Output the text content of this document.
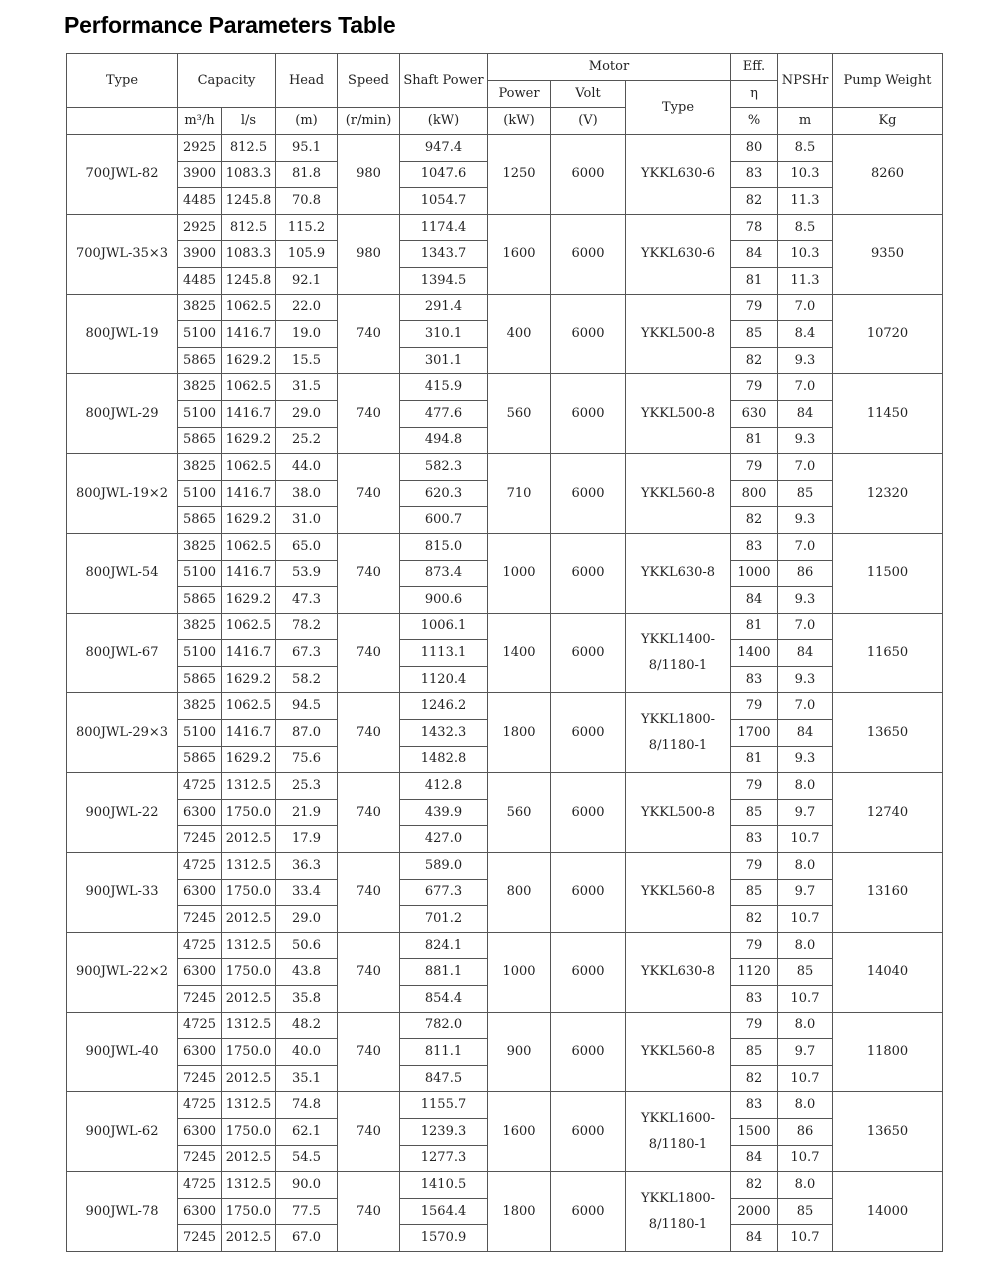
Performance Parameters Table
Type	Capacity		Head	Speed	Shaft Power	Motor			Eff.	NPSHr	Pump Weight
						Power	Volt	Type	η		
	m³/h	l/s	(m)	(r/min)	(kW)	(kW)	(V)		%	m	Kg
700JWL-82	2925	812.5	95.1	980	947.4	1250	6000	YKKL630-6	80	8.5	8260
	3900	1083.3	81.8		1047.6				83	10.3	
	4485	1245.8	70.8		1054.7				82	11.3	
700JWL-35×3	2925	812.5	115.2	980	1174.4	1600	6000	YKKL630-6	78	8.5	9350
	3900	1083.3	105.9		1343.7				84	10.3	
	4485	1245.8	92.1		1394.5				81	11.3	
800JWL-19	3825	1062.5	22.0	740	291.4	400	6000	YKKL500-8	79	7.0	10720
	5100	1416.7	19.0		310.1				85	8.4	
	5865	1629.2	15.5		301.1				82	9.3	
800JWL-29	3825	1062.5	31.5	740	415.9	560	6000	YKKL500-8	79	7.0	11450
	5100	1416.7	29.0		477.6				630	84	
	5865	1629.2	25.2		494.8				81	9.3	
800JWL-19×2	3825	1062.5	44.0	740	582.3	710	6000	YKKL560-8	79	7.0	12320
	5100	1416.7	38.0		620.3				800	85	
	5865	1629.2	31.0		600.7				82	9.3	
800JWL-54	3825	1062.5	65.0	740	815.0	1000	6000	YKKL630-8	83	7.0	11500
	5100	1416.7	53.9		873.4				1000	86	
	5865	1629.2	47.3		900.6				84	9.3	
800JWL-67	3825	1062.5	78.2	740	1006.1	1400	6000	YKKL1400-8/1180-1	81	7.0	11650
	5100	1416.7	67.3		1113.1				1400	84	
	5865	1629.2	58.2		1120.4				83	9.3	
800JWL-29×3	3825	1062.5	94.5	740	1246.2	1800	6000	YKKL1800-8/1180-1	79	7.0	13650
	5100	1416.7	87.0		1432.3				1700	84	
	5865	1629.2	75.6		1482.8				81	9.3	
900JWL-22	4725	1312.5	25.3	740	412.8	560	6000	YKKL500-8	79	8.0	12740
	6300	1750.0	21.9		439.9				85	9.7	
	7245	2012.5	17.9		427.0				83	10.7	
900JWL-33	4725	1312.5	36.3	740	589.0	800	6000	YKKL560-8	79	8.0	13160
	6300	1750.0	33.4		677.3				85	9.7	
	7245	2012.5	29.0		701.2				82	10.7	
900JWL-22×2	4725	1312.5	50.6	740	824.1	1000	6000	YKKL630-8	79	8.0	14040
	6300	1750.0	43.8		881.1				1120	85	
	7245	2012.5	35.8		854.4				83	10.7	
900JWL-40	4725	1312.5	48.2	740	782.0	900	6000	YKKL560-8	79	8.0	11800
	6300	1750.0	40.0		811.1				85	9.7	
	7245	2012.5	35.1		847.5				82	10.7	
900JWL-62	4725	1312.5	74.8	740	1155.7	1600	6000	YKKL1600-8/1180-1	83	8.0	13650
	6300	1750.0	62.1		1239.3				1500	86	
	7245	2012.5	54.5		1277.3				84	10.7	
900JWL-78	4725	1312.5	90.0	740	1410.5	1800	6000	YKKL1800-8/1180-1	82	8.0	14000
	6300	1750.0	77.5		1564.4				2000	85	
	7245	2012.5	67.0		1570.9				84	10.7	
